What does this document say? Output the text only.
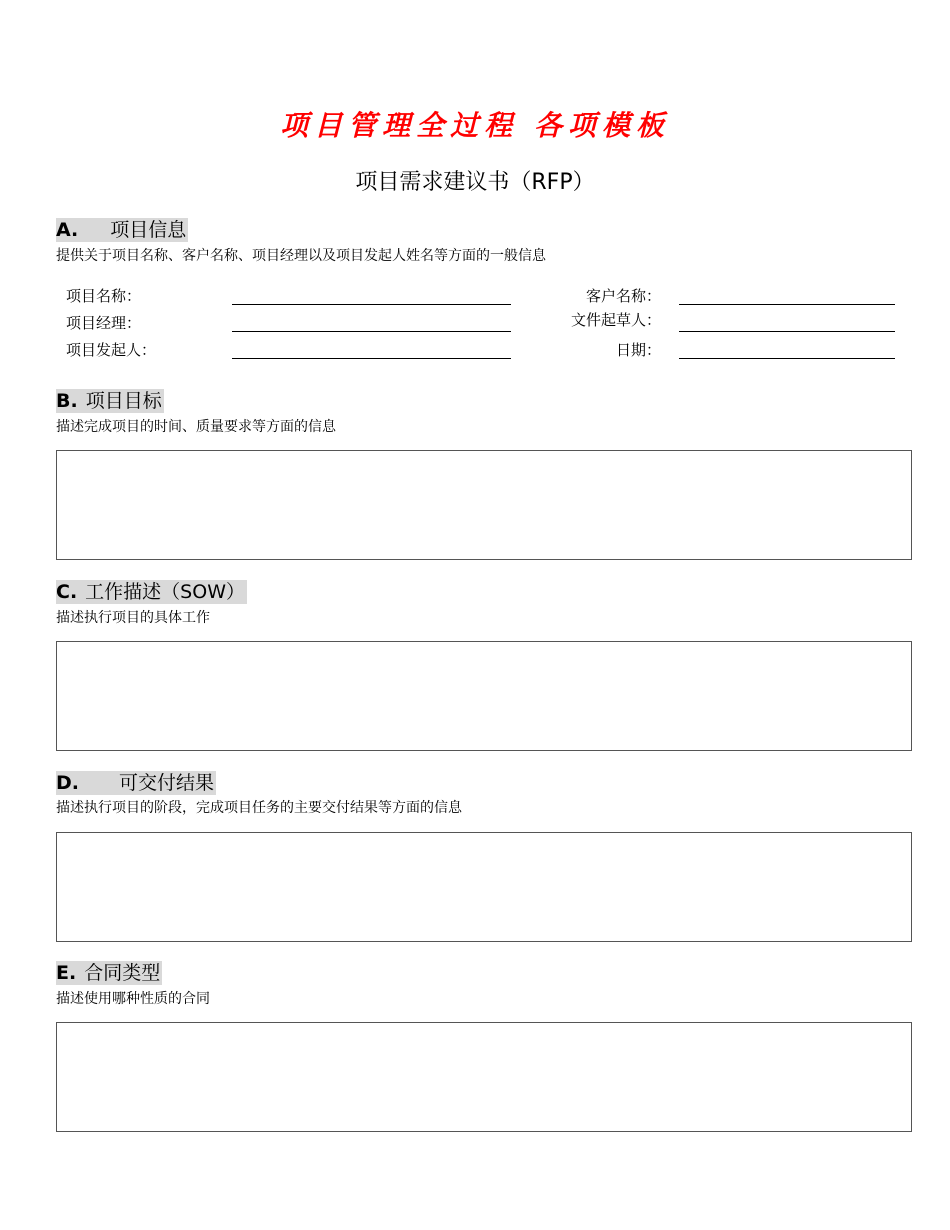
项目管理全过程 各项模板
项目需求建议书（RFP）
A. 项目信息
提供关于项目名称、客户名称、项目经理以及项目发起人姓名等方面的一般信息
项目名称：
项目经理：
项目发起人：
客户名称：
文件起草人：
日期：
B. 项目目标
描述完成项目的时间、质量要求等方面的信息
C. 工作描述（SOW）
描述执行项目的具体工作
D. 可交付结果
描述执行项目的阶段，完成项目任务的主要交付结果等方面的信息
E. 合同类型
描述使用哪种性质的合同
